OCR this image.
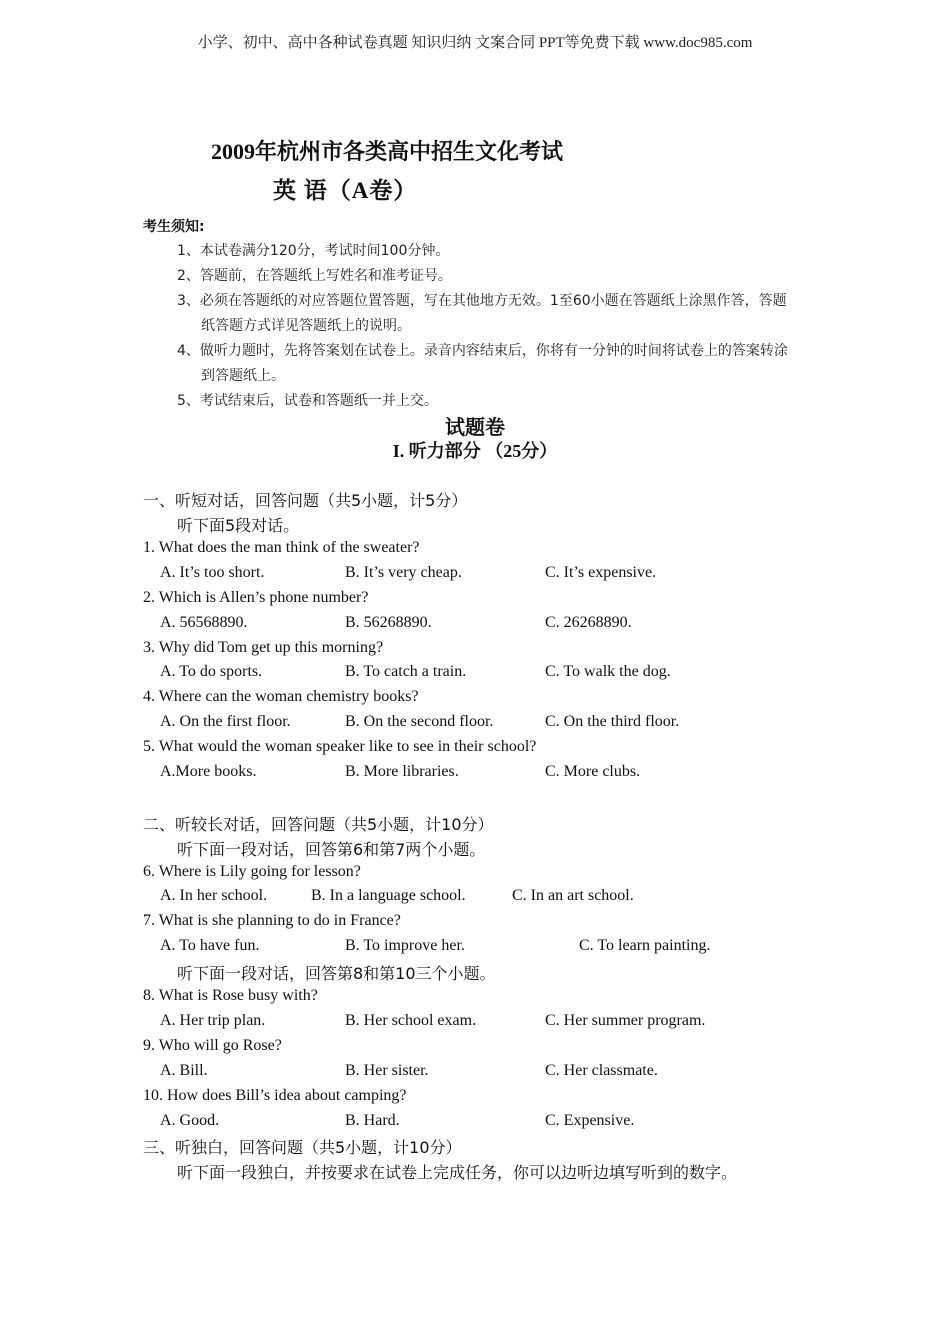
小学、初中、高中各种试卷真题 知识归纳 文案合同 PPT等免费下载 www.doc985.com
2009年杭州市各类高中招生文化考试
英 语（A卷）
考生须知:
1、本试卷满分120分，考试时间100分钟。
2、答题前，在答题纸上写姓名和准考证号。
3、必须在答题纸的对应答题位置答题，写在其他地方无效。1至60小题在答题纸上涂黑作答，答题
纸答题方式详见答题纸上的说明。
4、做听力题时，先将答案划在试卷上。录音内容结束后，你将有一分钟的时间将试卷上的答案转涂
到答题纸上。
5、考试结束后，试卷和答题纸一并上交。
试题卷
I. 听力部分 （25分）
一、听短对话，回答问题（共5小题，计5分）
听下面5段对话。
1. What does the man think of the sweater?
A. It’s too short.	B. It’s very cheap.	C. It’s expensive.
2. Which is Allen’s phone number?
A. 56568890.	B. 56268890.	C. 26268890.
3. Why did Tom get up this morning?
A. To do sports.	B. To catch a train.	C. To walk the dog.
4. Where can the woman chemistry books?
A. On the first floor.	B. On the second floor.	C. On the third floor.
5. What would the woman speaker like to see in their school?
A.More books.	B. More libraries.	C. More clubs.
二、听较长对话，回答问题（共5小题，计10分）
听下面一段对话，回答第6和第7两个小题。
6. Where is Lily going for lesson?
A. In her school.	B. In a language school.	C. In an art school.
7. What is she planning to do in France?
A. To have fun.	B. To improve her.	C. To learn painting.
听下面一段对话，回答第8和第10三个小题。
8. What is Rose busy with?
A. Her trip plan.	B. Her school exam.	C. Her summer program.
9. Who will go Rose?
A. Bill.	B. Her sister.	C. Her classmate.
10. How does Bill’s idea about camping?
A. Good.	B. Hard.	C. Expensive.
三、听独白，回答问题（共5小题，计10分）
听下面一段独白，并按要求在试卷上完成任务，你可以边听边填写听到的数字。
